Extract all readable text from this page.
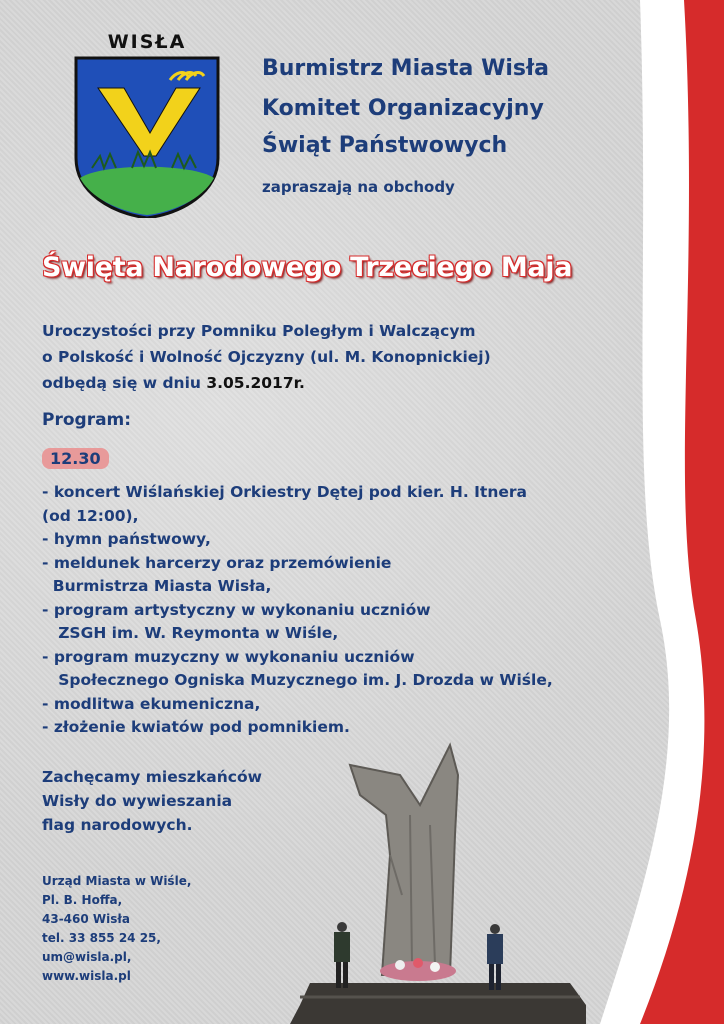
WISŁA
Burmistrz Miasta Wisła
Komitet Organizacyjny
Świąt Państwowych
zapraszają na obchody
Święta Narodowego Trzeciego Maja
Uroczystości przy Pomniku Poległym i Walczącym
o Polskość i Wolność Ojczyzny (ul. M. Konopnickiej)
odbędą się w dniu 3.05.2017r.
Program:
12.30
- koncert Wiślańskiej Orkiestry Dętej pod kier. H. Itnera
(od 12:00),
- hymn państwowy,
- meldunek harcerzy oraz przemówienie
Burmistrza Miasta Wisła,
- program artystyczny w wykonaniu uczniów
ZSGH im. W. Reymonta w Wiśle,
- program muzyczny w wykonaniu uczniów
Społecznego Ogniska Muzycznego im. J. Drozda w Wiśle,
- modlitwa ekumeniczna,
- złożenie kwiatów pod pomnikiem.
Zachęcamy mieszkańców
Wisły do wywieszania
flag narodowych.
Urząd Miasta w Wiśle,
Pl. B. Hoffa,
43-460 Wisła
tel. 33 855 24 25,
um@wisla.pl,
www.wisla.pl
